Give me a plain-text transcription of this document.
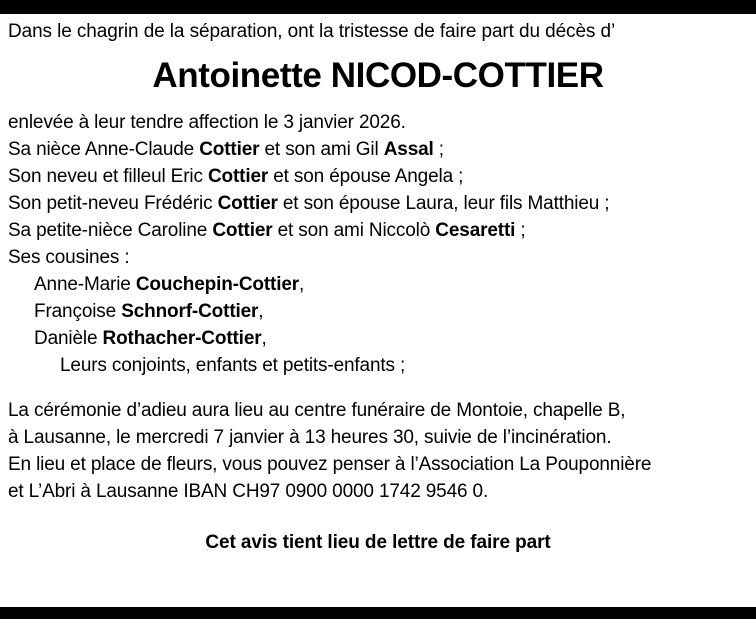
Dans le chagrin de la séparation, ont la tristesse de faire part du décès d’
Antoinette NICOD-COTTIER
enlevée à leur tendre affection le 3 janvier 2026.
Sa nièce Anne-Claude Cottier et son ami Gil Assal ;
Son neveu et filleul Eric Cottier et son épouse Angela ;
Son petit-neveu Frédéric Cottier et son épouse Laura, leur fils Matthieu ;
Sa petite-nièce Caroline Cottier et son ami Niccolò Cesaretti ;
Ses cousines :
Anne-Marie Couchepin-Cottier,
Françoise Schnorf-Cottier,
Danièle Rothacher-Cottier,
Leurs conjoints, enfants et petits-enfants ;
La cérémonie d’adieu aura lieu au centre funéraire de Montoie, chapelle B,
à Lausanne, le mercredi 7 janvier à 13 heures 30, suivie de l’incinération.
En lieu et place de fleurs, vous pouvez penser à l’Association La Pouponnière
et L’Abri à Lausanne IBAN CH97 0900 0000 1742 9546 0.
Cet avis tient lieu de lettre de faire part
